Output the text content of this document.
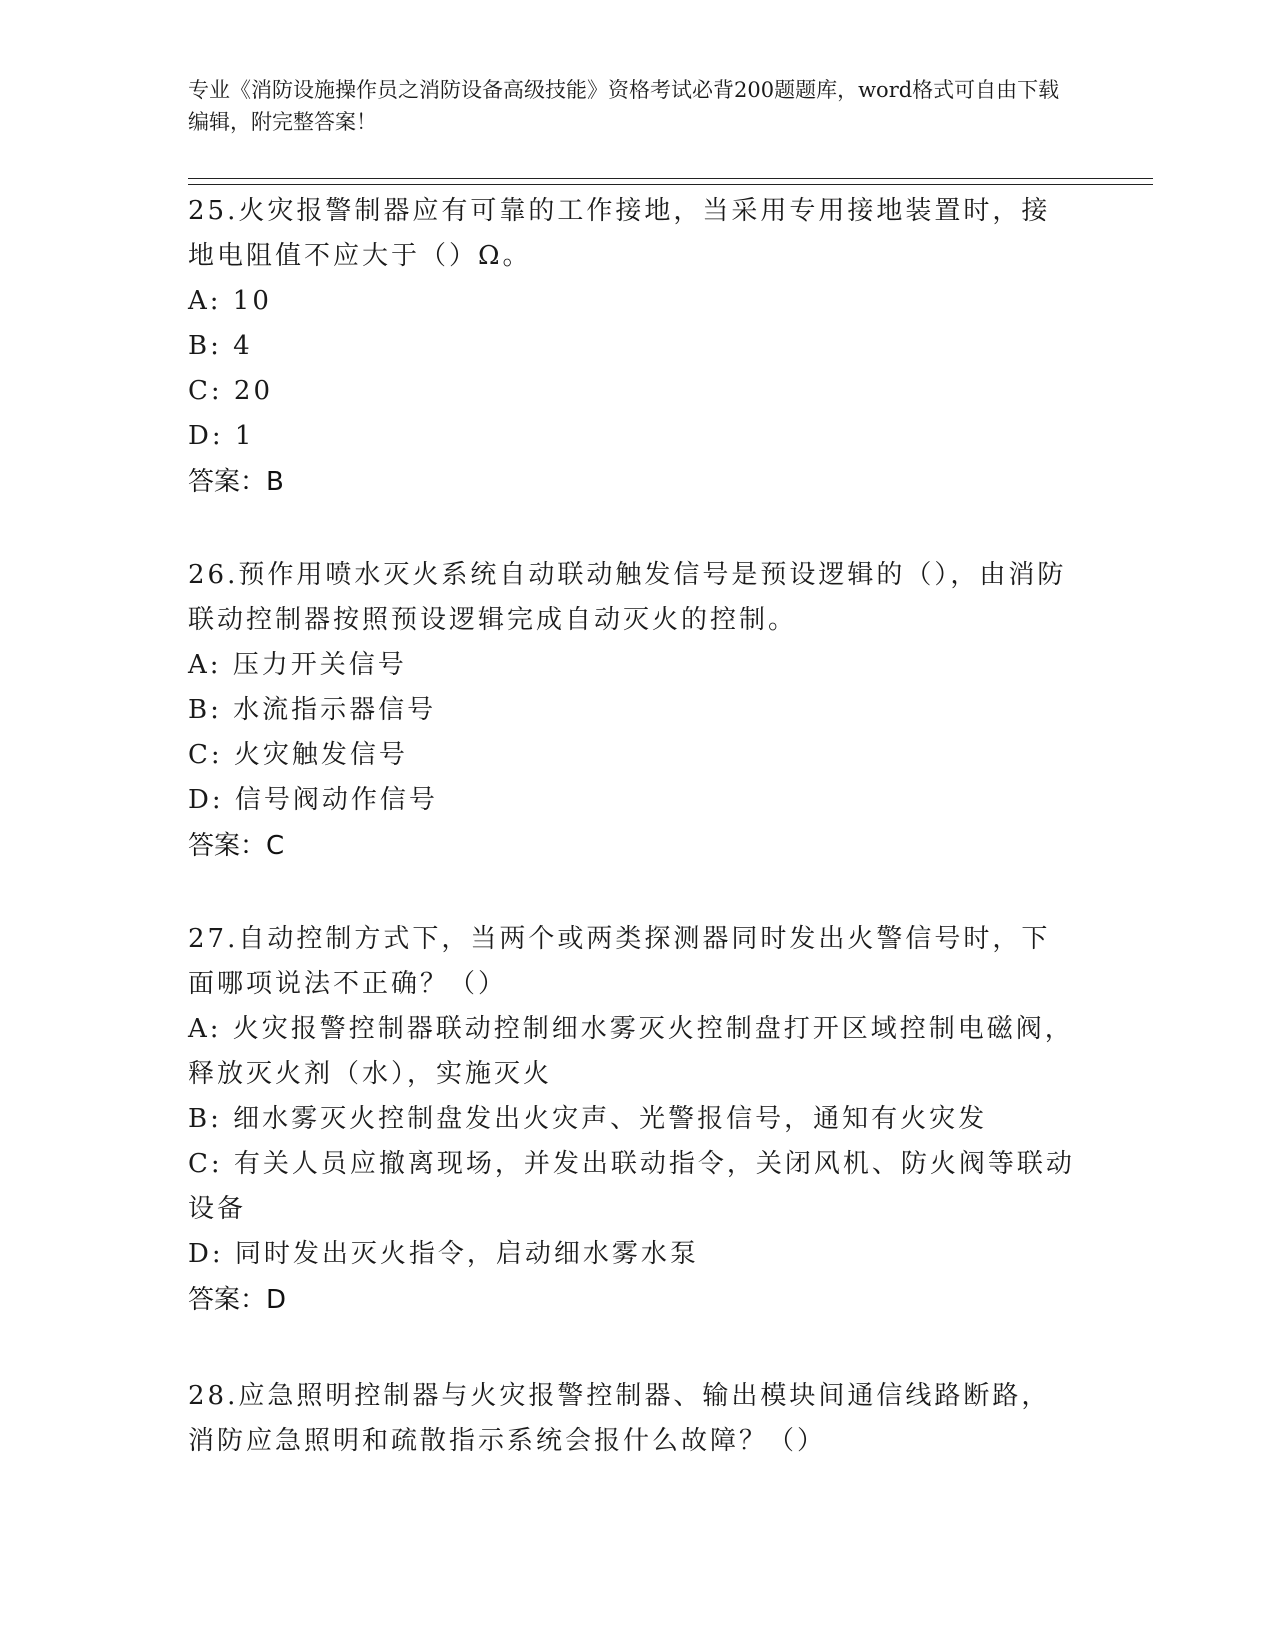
专业《消防设施操作员之消防设备高级技能》资格考试必背200题题库，word格式可自由下载编辑，附完整答案！

25.火灾报警制器应有可靠的工作接地，当采用专用接地装置时，接地电阻值不应大于（）Ω。

A: 10

B: 4

C: 20

D: 1

答案：B

26.预作用喷水灭火系统自动联动触发信号是预设逻辑的（），由消防联动控制器按照预设逻辑完成自动灭火的控制。

A: 压力开关信号

B: 水流指示器信号

C: 火灾触发信号

D: 信号阀动作信号

答案：C

27.自动控制方式下，当两个或两类探测器同时发出火警信号时，下面哪项说法不正确？（）

A: 火灾报警控制器联动控制细水雾灭火控制盘打开区域控制电磁阀，释放灭火剂（水），实施灭火

B: 细水雾灭火控制盘发出火灾声、光警报信号，通知有火灾发

C: 有关人员应撤离现场，并发出联动指令，关闭风机、防火阀等联动设备

D: 同时发出灭火指令，启动细水雾水泵

答案：D

28.应急照明控制器与火灾报警控制器、输出模块间通信线路断路，消防应急照明和疏散指示系统会报什么故障？（）
